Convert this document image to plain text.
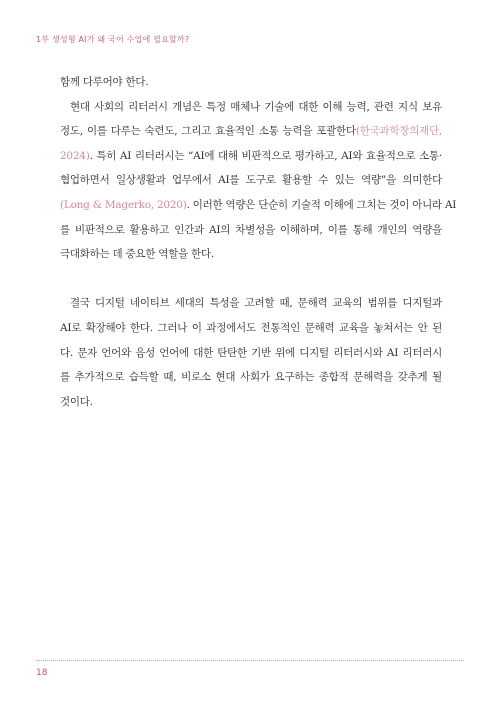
1부 생성형 AI가 왜 국어 수업에 필요할까?
함께 다루어야 한다.
현대 사회의 리터러시 개념은 특정 매체나 기술에 대한 이해 능력, 관련 지식 보유
정도, 이를 다루는 숙련도, 그리고 효율적인 소통 능력을 포괄한다(한국과학창의재단,
2024). 특히 AI 리터러시는 “AI에 대해 비판적으로 평가하고, AI와 효율적으로 소통·
협업하면서 일상생활과 업무에서 AI를 도구로 활용할 수 있는 역량”을 의미한다
(Long & Magerko, 2020). 이러한 역량은 단순히 기술적 이해에 그치는 것이 아니라 AI
를 비판적으로 활용하고 인간과 AI의 차별성을 이해하며, 이를 통해 개인의 역량을
극대화하는 데 중요한 역할을 한다.
결국 디지털 네이티브 세대의 특성을 고려할 때, 문해력 교육의 범위를 디지털과
AI로 확장해야 한다. 그러나 이 과정에서도 전통적인 문해력 교육을 놓쳐서는 안 된
다. 문자 언어와 음성 언어에 대한 탄탄한 기반 위에 디지털 리터러시와 AI 리터러시
를 추가적으로 습득할 때, 비로소 현대 사회가 요구하는 종합적 문해력을 갖추게 될
것이다.
18
